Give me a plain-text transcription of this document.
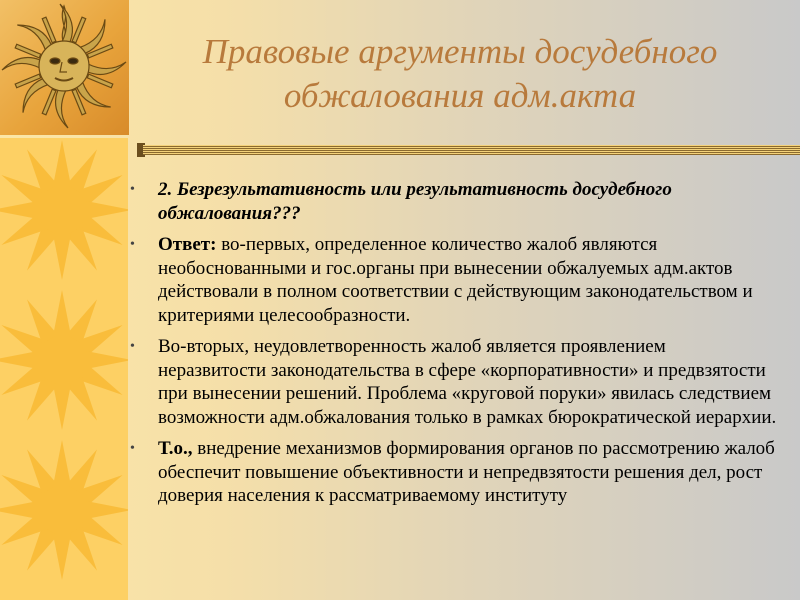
Правовые аргументы досудебного обжалования адм.акта
• 2. Безрезультативность или результативность досудебного обжалования???
• Ответ: во-первых, определенное количество жалоб являются необоснованными и гос.органы при вынесении обжалуемых адм.актов действовали в полном соответствии с действующим законодательством и критериями целесообразности.
• Во-вторых, неудовлетворенность жалоб является проявлением неразвитости законодательства в сфере «корпоративности» и предвзятости при вынесении решений. Проблема «круговой поруки» явилась следствием возможности адм.обжалования только в рамках бюрократической иерархии.
• Т.о., внедрение механизмов формирования органов по рассмотрению жалоб обеспечит повышение объективности и непредвзятости решения дел, рост доверия населения к рассматриваемому институту
